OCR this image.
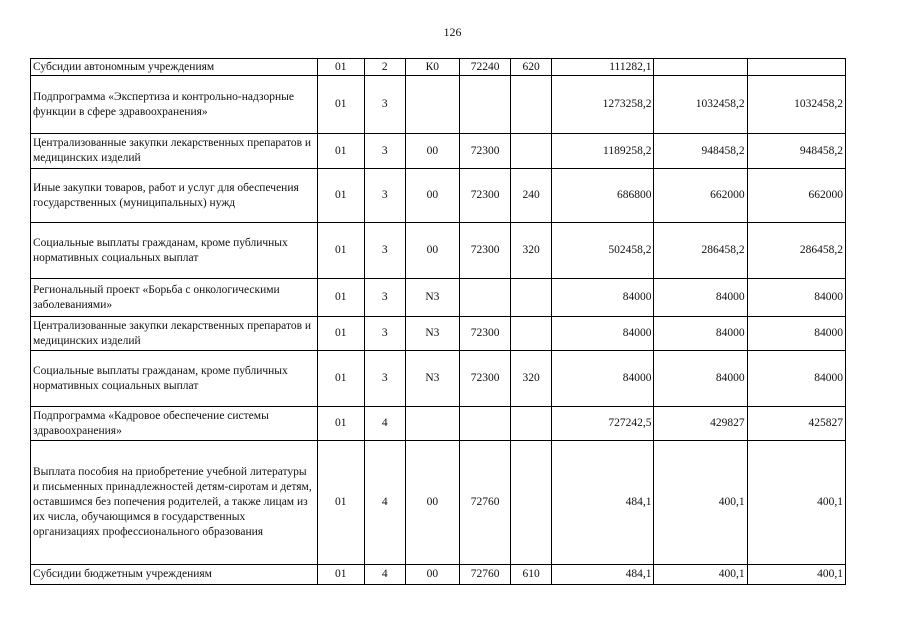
126
Субсидии автономным учреждениям	01	2	К0	72240	620	111282,1		
Подпрограмма «Экспертиза и контрольно-надзорные функции в сфере здравоохранения»	01	3				1273258,2	1032458,2	1032458,2
Централизованные закупки лекарственных препаратов и медицинских изделий	01	3	00	72300		1189258,2	948458,2	948458,2
Иные закупки товаров, работ и услуг для обеспечения государственных (муниципальных) нужд	01	3	00	72300	240	686800	662000	662000
Социальные выплаты гражданам, кроме публичных нормативных социальных выплат	01	3	00	72300	320	502458,2	286458,2	286458,2
Региональный проект «Борьба с онкологическими заболеваниями»	01	3	N3			84000	84000	84000
Централизованные закупки лекарственных препаратов и медицинских изделий	01	3	N3	72300		84000	84000	84000
Социальные выплаты гражданам, кроме публичных нормативных социальных выплат	01	3	N3	72300	320	84000	84000	84000
Подпрограмма «Кадровое обеспечение системы здравоохранения»	01	4				727242,5	429827	425827
Выплата пособия на приобретение учебной литературы и письменных принадлежностей детям-сиротам и детям, оставшимся без попечения родителей, а также лицам из их числа, обучающимся в государственных организациях профессионального образования	01	4	00	72760		484,1	400,1	400,1
Субсидии бюджетным учреждениям	01	4	00	72760	610	484,1	400,1	400,1
